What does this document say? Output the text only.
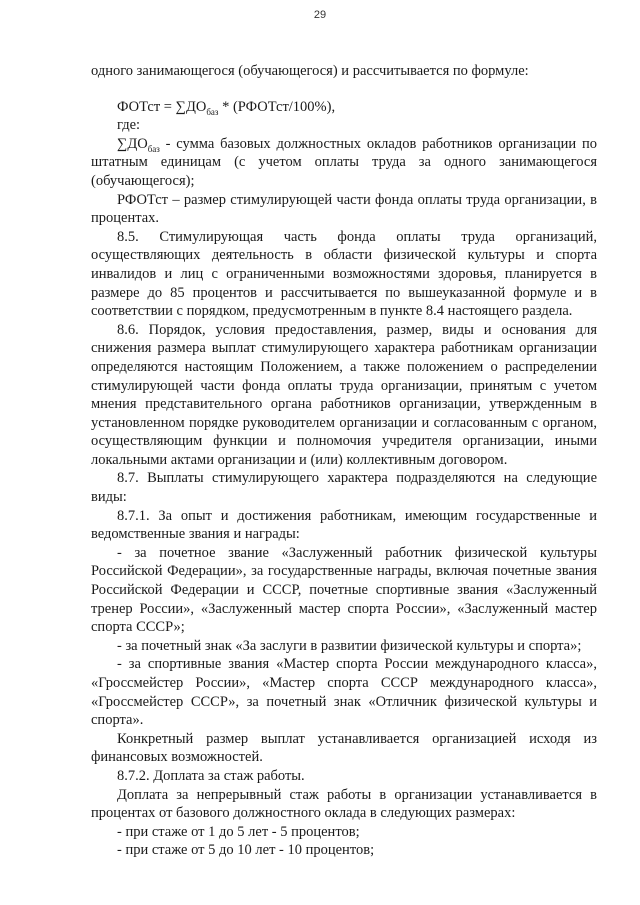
29

одного занимающегося (обучающегося) и рассчитывается по формуле:

ФОТст = $\sum ДО_{баз}$ * (РФОТст/100%),

где:

$\sum ДО_{баз}$ - сумма базовых должностных окладов работников организации по штатным единицам (с учетом оплаты труда за одного занимающегося (обучающегося);

РФОТст – размер стимулирующей части фонда оплаты труда организации, в процентах.

8.5. Стимулирующая часть фонда оплаты труда организаций, осуществляющих деятельность в области физической культуры и спорта инвалидов и лиц с ограниченными возможностями здоровья, планируется в размере до 85 процентов и рассчитывается по вышеуказанной формуле и в соответствии с порядком, предусмотренным в пункте 8.4 настоящего раздела.

8.6. Порядок, условия предоставления, размер, виды и основания для снижения размера выплат стимулирующего характера работникам организации определяются настоящим Положением, а также положением о распределении стимулирующей части фонда оплаты труда организации, принятым с учетом мнения представительного органа работников организации, утвержденным в установленном порядке руководителем организации и согласованным с органом, осуществляющим функции и полномочия учредителя организации, иными локальными актами организации и (или) коллективным договором.

8.7. Выплаты стимулирующего характера подразделяются на следующие виды:

8.7.1. За опыт и достижения работникам, имеющим государственные и ведомственные звания и награды:

- за почетное звание «Заслуженный работник физической культуры Российской Федерации», за государственные награды, включая почетные звания Российской Федерации и СССР, почетные спортивные звания «Заслуженный тренер России», «Заслуженный мастер спорта России», «Заслуженный мастер спорта СССР»;

- за почетный знак «За заслуги в развитии физической культуры и спорта»;

- за спортивные звания «Мастер спорта России международного класса», «Гроссмейстер России», «Мастер спорта СССР международного класса», «Гроссмейстер СССР», за почетный знак «Отличник физической культуры и спорта».

Конкретный размер выплат устанавливается организацией исходя из финансовых возможностей.

8.7.2. Доплата за стаж работы.

Доплата за непрерывный стаж работы в организации устанавливается в процентах от базового должностного оклада в следующих размерах:

- при стаже от 1 до 5 лет - 5 процентов;

- при стаже от 5 до 10 лет - 10 процентов;
